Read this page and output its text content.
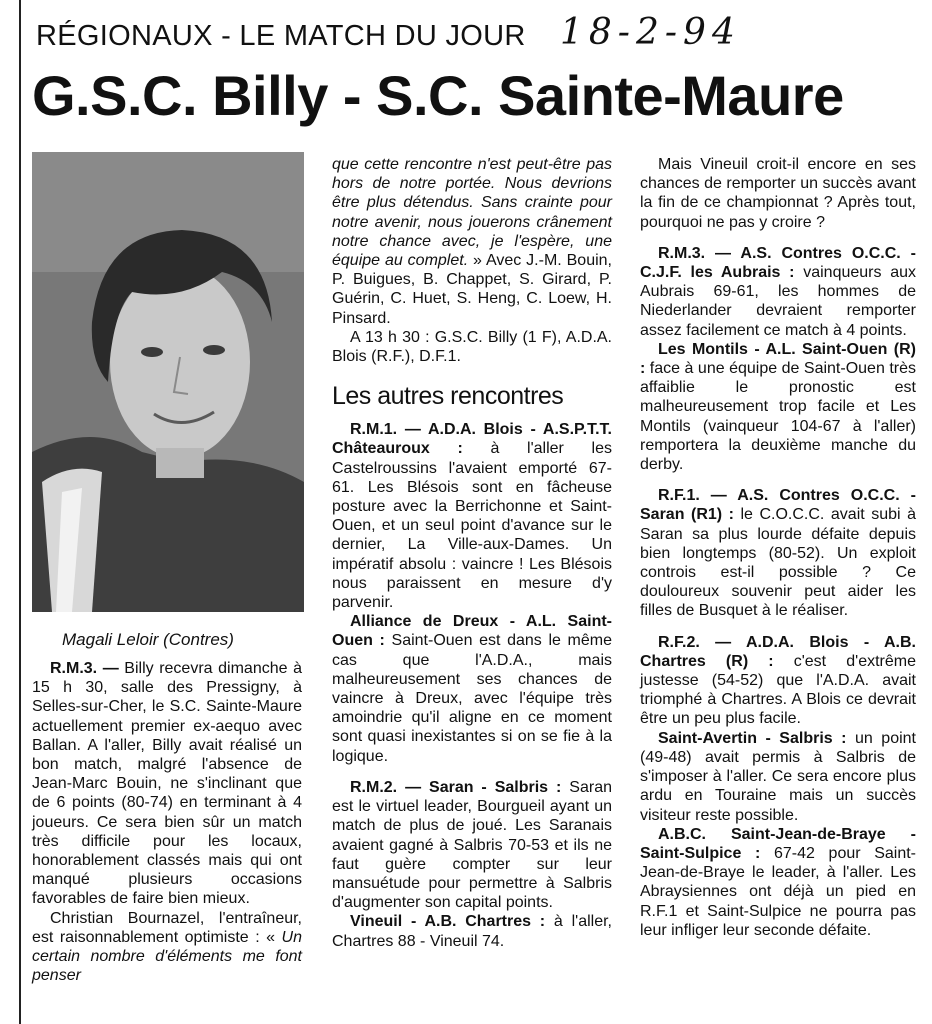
RÉGIONAUX - LE MATCH DU JOUR 18-2-94
G.S.C. Billy - S.C. Sainte-Maure
Magali Leloir (Contres)

R.M.3. — Billy recevra dimanche à 15 h 30, salle des Pressigny, à Selles-sur-Cher, le S.C. Sainte-Maure actuellement premier ex-aequo avec Ballan. A l'aller, Billy avait réalisé un bon match, malgré l'absence de Jean-Marc Bouin, ne s'inclinant que de 6 points (80-74) en terminant à 4 joueurs. Ce sera bien sûr un match très difficile pour les locaux, honorablement classés mais qui ont manqué plusieurs occasions favorables de faire bien mieux.

Christian Bournazel, l'entraîneur, est raisonnablement optimiste : « Un certain nombre d'éléments me font penser

que cette rencontre n'est peut-être pas hors de notre portée. Nous devrions être plus détendus. Sans crainte pour notre avenir, nous jouerons crânement notre chance avec, je l'espère, une équipe au complet. » Avec J.-M. Bouin, P. Buigues, B. Chappet, S. Girard, P. Guérin, C. Huet, S. Heng, C. Loew, H. Pinsard.

A 13 h 30 : G.S.C. Billy (1 F), A.D.A. Blois (R.F.), D.F.1.

Les autres rencontres

R.M.1. — A.D.A. Blois - A.S.P.T.T. Châteauroux : à l'aller les Castelroussins l'avaient emporté 67-61. Les Blésois sont en fâcheuse posture avec la Berrichonne et Saint-Ouen, et un seul point d'avance sur le dernier, La Ville-aux-Dames. Un impératif absolu : vaincre ! Les Blésois nous paraissent en mesure d'y parvenir.

Alliance de Dreux - A.L. Saint-Ouen : Saint-Ouen est dans le même cas que l'A.D.A., mais malheureusement ses chances de vaincre à Dreux, avec l'équipe très amoindrie qu'il aligne en ce moment sont quasi inexistantes si on se fie à la logique.

R.M.2. — Saran - Salbris : Saran est le virtuel leader, Bourgueil ayant un match de plus de joué. Les Saranais avaient gagné à Salbris 70-53 et ils ne faut guère compter sur leur mansuétude pour permettre à Salbris d'augmenter son capital points.

Vineuil - A.B. Chartres : à l'aller, Chartres 88 - Vineuil 74.

Mais Vineuil croit-il encore en ses chances de remporter un succès avant la fin de ce championnat ? Après tout, pourquoi ne pas y croire ?

R.M.3. — A.S. Contres O.C.C. - C.J.F. les Aubrais : vainqueurs aux Aubrais 69-61, les hommes de Niederlander devraient remporter assez facilement ce match à 4 points.

Les Montils - A.L. Saint-Ouen (R) : face à une équipe de Saint-Ouen très affaiblie le pronostic est malheureusement trop facile et Les Montils (vainqueur 104-67 à l'aller) remportera la deuxième manche du derby.

R.F.1. — A.S. Contres O.C.C. - Saran (R1) : le C.O.C.C. avait subi à Saran sa plus lourde défaite depuis bien longtemps (80-52). Un exploit controis est-il possible ? Ce douloureux souvenir peut aider les filles de Busquet à le réaliser.

R.F.2. — A.D.A. Blois - A.B. Chartres (R) : c'est d'extrême justesse (54-52) que l'A.D.A. avait triomphé à Chartres. A Blois ce devrait être un peu plus facile.

Saint-Avertin - Salbris : un point (49-48) avait permis à Salbris de s'imposer à l'aller. Ce sera encore plus ardu en Touraine mais un succès visiteur reste possible.

A.B.C. Saint-Jean-de-Braye - Saint-Sulpice : 67-42 pour Saint-Jean-de-Braye le leader, à l'aller. Les Abraysiennes ont déjà un pied en R.F.1 et Saint-Sulpice ne pourra pas leur infliger leur seconde défaite.
